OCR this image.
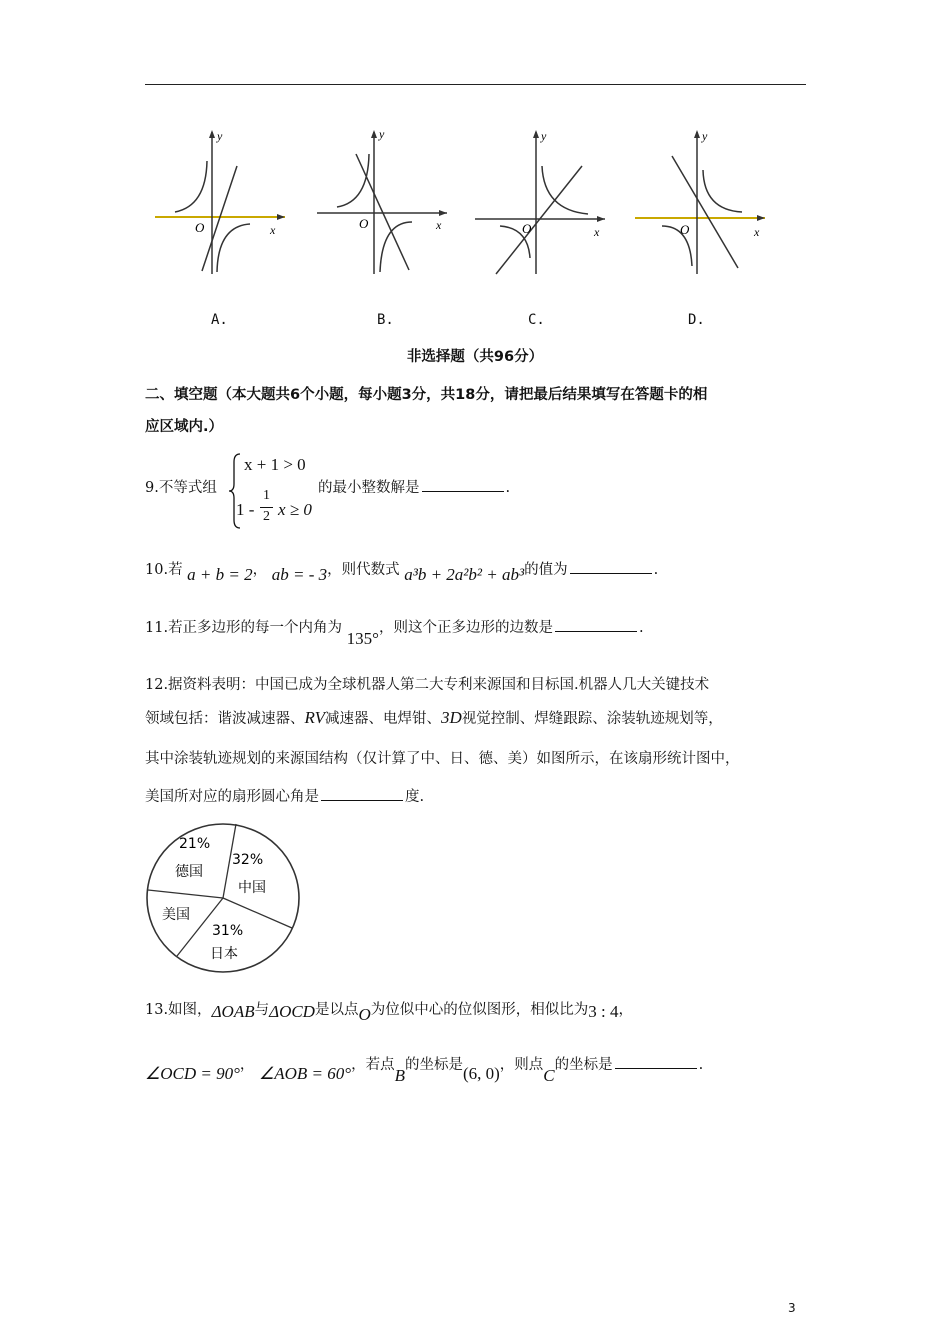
y
x
O
y
x
O
y
x
O
y
x
O
A.	B.	C.	D.
非选择题（共96分）
二、填空题（本大题共6个小题，每小题3分，共18分，请把最后结果填写在答题卡的相
应区域内.）
9.不等式组
x + 1 > 0
1 -
1
2 x ≥ 0
的最小整数解是	.
10.若 a + b = 2， ab = - 3，则代数式 a³b + 2a²b² + ab³的值为	.
11.若正多边形的每一个内角为 135°，则这个正多边形的边数是	.
12.据资料表明：中国已成为全球机器人第二大专利来源国和目标国.机器人几大关键技术
领域包括：谐波减速器、RV减速器、电焊钳、3D视觉控制、焊缝跟踪、涂装轨迹规划等，
其中涂装轨迹规划的来源国结构（仅计算了中、日、德、美）如图所示，在该扇形统计图中，
美国所对应的扇形圆心角是	度.
21%
德国
32%
中国
31%
日本
美国
13.如图，ΔOAB与ΔOCD是以点O为位似中心的位似图形，相似比为3 : 4，
∠OCD = 90°， ∠AOB = 60°，若点B的坐标是(6, 0)，则点C的坐标是	.
3
